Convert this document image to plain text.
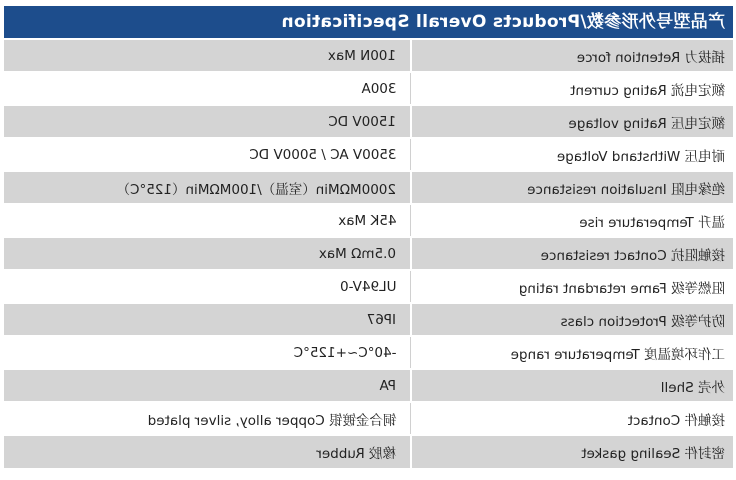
产品型号外形参数/Products Overall Specification
插拔力 Retention force	100N Max
额定电流 Rating current	300A
额定电压 Rating voltage	1500V DC
耐电压 Withstand Voltage	3500V AC / 5000V DC
绝缘电阻 Insulation resistance	2000MΩMin（室温）/100MΩMin（125°C）
温升 Temperature rise	45K Max
接触阻抗 Contact resistance	0.5mΩ Max
阻燃等级 Fame retardant rating	UL94V-0
防护等级 Protection class	IP67
工作环境温度 Temperature range	-40°C~+125°C
外壳 Shell	PA
接触件 Contact	铜合金镀银 Copper alloy, silver plated
密封件 Sealing gasket	橡胶 Rubber
